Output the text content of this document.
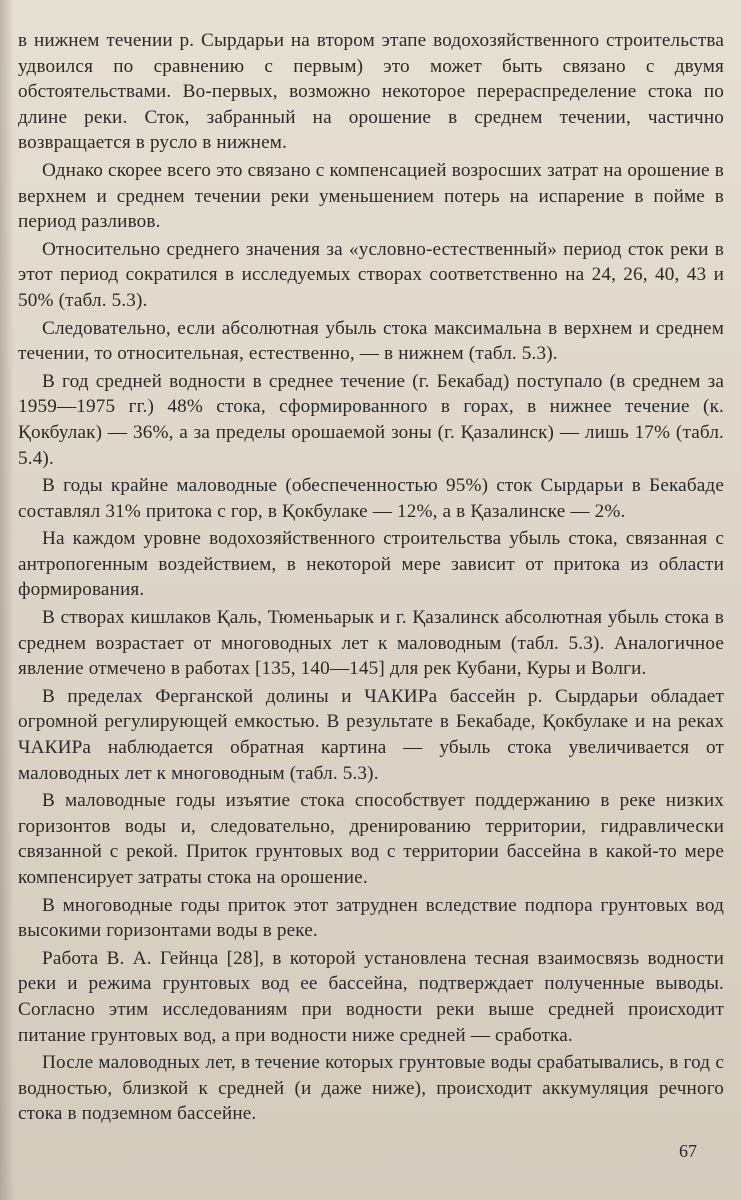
в нижнем течении р. Сырдарьи на втором этапе водохозяйственного строительства удвоился по сравнению с первым) это может быть связано с двумя обстоятельствами. Во-первых, возможно некоторое перераспределение стока по длине реки. Сток, забранный на орошение в среднем течении, частично возвращается в русло в нижнем.

Однако скорее всего это связано с компенсацией возросших затрат на орошение в верхнем и среднем течении реки уменьшением потерь на испарение в пойме в период разливов.

Относительно среднего значения за «условно-естественный» период сток реки в этот период сократился в исследуемых створах соответственно на 24, 26, 40, 43 и 50% (табл. 5.3).

Следовательно, если абсолютная убыль стока максимальна в верхнем и среднем течении, то относительная, естественно, — в нижнем (табл. 5.3).

В год средней водности в среднее течение (г. Бекабад) поступало (в среднем за 1959—1975 гг.) 48% стока, сформированного в горах, в нижнее течение (к. Қокбулак) — 36%, а за пределы орошаемой зоны (г. Қазалинск) — лишь 17% (табл. 5.4).

В годы крайне маловодные (обеспеченностью 95%) сток Сырдарьи в Бекабаде составлял 31% притока с гор, в Қокбулаке — 12%, а в Қазалинске — 2%.

На каждом уровне водохозяйственного строительства убыль стока, связанная с антропогенным воздействием, в некоторой мере зависит от притока из области формирования.

В створах кишлаков Қаль, Тюменьарык и г. Қазалинск абсолютная убыль стока в среднем возрастает от многоводных лет к маловодным (табл. 5.3). Аналогичное явление отмечено в работах [135, 140—145] для рек Кубани, Куры и Волги.

В пределах Ферганской долины и ЧАКИРа бассейн р. Сырдарьи обладает огромной регулирующей емкостью. В результате в Бекабаде, Қокбулаке и на реках ЧАКИРа наблюдается обратная картина — убыль стока увеличивается от маловодных лет к многоводным (табл. 5.3).

В маловодные годы изъятие стока способствует поддержанию в реке низких горизонтов воды и, следовательно, дренированию территории, гидравлически связанной с рекой. Приток грунтовых вод с территории бассейна в какой-то мере компенсирует затраты стока на орошение.

В многоводные годы приток этот затруднен вследствие подпора грунтовых вод высокими горизонтами воды в реке.

Работа В. А. Гейнца [28], в которой установлена тесная взаимосвязь водности реки и режима грунтовых вод ее бассейна, подтверждает полученные выводы. Согласно этим исследованиям при водности реки выше средней происходит питание грунтовых вод, а при водности ниже средней — сработка.

После маловодных лет, в течение которых грунтовые воды срабатывались, в год с водностью, близкой к средней (и даже ниже), происходит аккумуляция речного стока в подземном бассейне.

67
